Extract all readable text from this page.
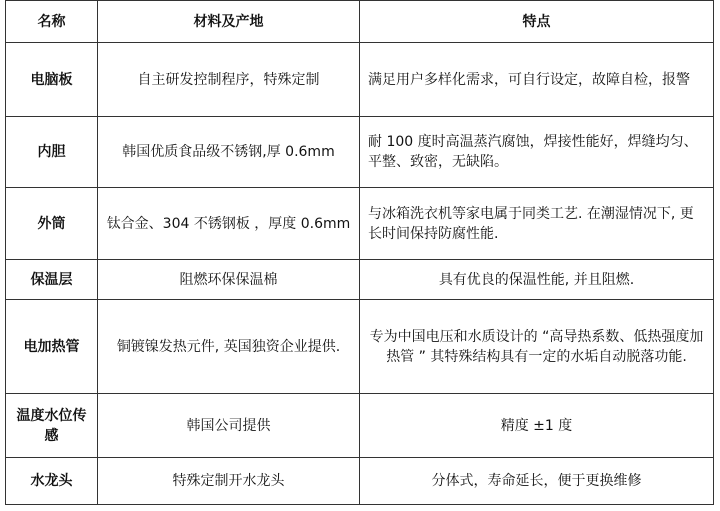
名称	材料及产地	特点
电脑板	自主研发控制程序，特殊定制	满足用户多样化需求，可自行设定，故障自检，报警
内胆	韩国优质食品级不锈钢,厚 0.6mm	耐 100 度时高温蒸汽腐蚀，焊接性能好，焊缝均匀、平整、致密，无缺陷。
外筒	钛合金、304 不锈钢板 ，厚度 0.6mm	与冰箱洗衣机等家电属于同类工艺. 在潮湿情况下, 更长时间保持防腐性能.
保温层	阻燃环保保温棉	具有优良的保温性能, 并且阻燃.
电加热管	铜镀镍发热元件, 英国独资企业提供.	专为中国电压和水质设计的 “高导热系数、低热强度加热管 ” 其特殊结构具有一定的水垢自动脱落功能.
温度水位传感	韩国公司提供	精度 ±1 度
水龙头	特殊定制开水龙头	分体式，寿命延长，便于更换维修
